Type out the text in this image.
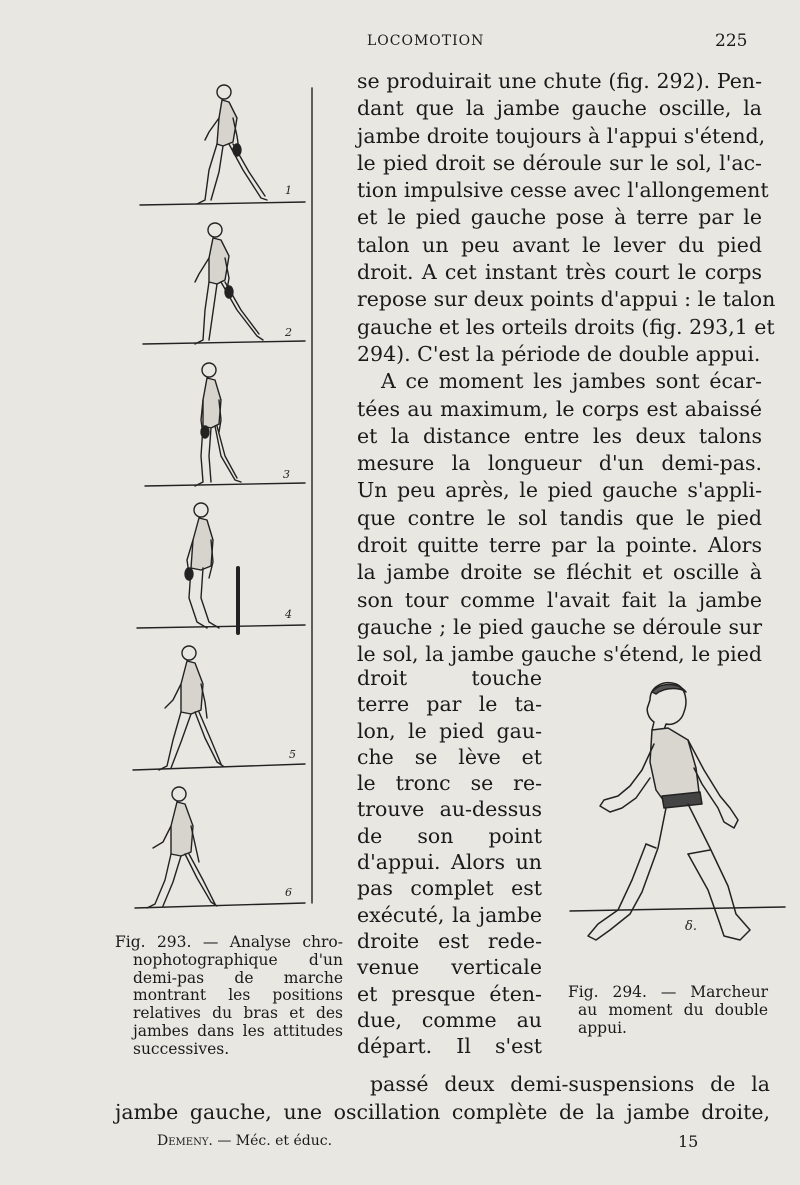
LOCOMOTION	225
1
2
3
4
5
6
Fig. 293. — Analyse chro-
nophotographique d'un
demi-pas de marche
montrant les positions
relatives du bras et des
jambes dans les attitudes
successives.
δ.
Fig. 294. — Marcheur
au moment du double
appui.
se produirait une chute (fig. 292). Pen-
dant que la jambe gauche oscille, la
jambe droite toujours à l'appui s'étend,
le pied droit se déroule sur le sol, l'ac-
tion impulsive cesse avec l'allongement
et le pied gauche pose à terre par le
talon un peu avant le lever du pied
droit. A cet instant très court le corps
repose sur deux points d'appui : le talon
gauche et les orteils droits (fig. 293,1 et
294). C'est la période de double appui.
A ce moment les jambes sont écar-
tées au maximum, le corps est abaissé
et la distance entre les deux talons
mesure la longueur d'un demi-pas.
Un peu après, le pied gauche s'appli-
que contre le sol tandis que le pied
droit quitte terre par la pointe. Alors
la jambe droite se fléchit et oscille à
son tour comme l'avait fait la jambe
gauche ; le pied gauche se déroule sur
le sol, la jambe gauche s'étend, le pied
droit touche
terre par le ta-
lon, le pied gau-
che se lève et
le tronc se re-
trouve au-dessus
de son point
d'appui. Alors un
pas complet est
exécuté, la jambe
droite est rede-
venue verticale
et presque éten-
due, comme au
départ. Il s'est
passé deux demi-suspensions de la
jambe gauche, une oscillation complète de la jambe droite,
Demeny. — Méc. et éduc.	15
